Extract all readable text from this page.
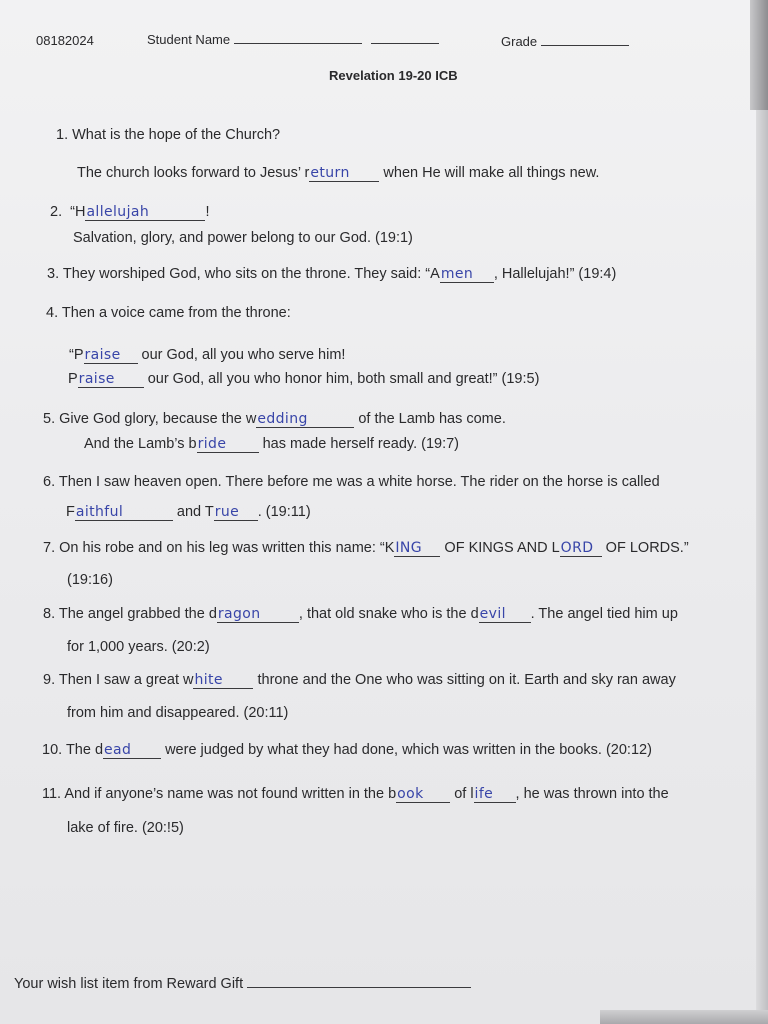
08182024	Student Name	Grade
Revelation 19-20 ICB
1. What is the hope of the Church?
The church looks forward to Jesus’ return when He will make all things new.
2. “Hallelujah	!
Salvation, glory, and power belong to our God. (19:1)
3. They worshiped God, who sits on the throne. They said: “Amen , Hallelujah!” (19:4)
4. Then a voice came from the throne:
“Praise our God, all you who serve him!
Praise our God, all you who honor him, both small and great!” (19:5)
5. Give God glory, because the wedding	of the Lamb has come.
And the Lamb’s bride has made herself ready. (19:7)
6. Then I saw heaven open. There before me was a white horse. The rider on the horse is called
Faithful	and True . (19:11)
7. On his robe and on his leg was written this name: “KING OF KINGS AND LORD OF LORDS.”
(19:16)
8. The angel grabbed the dragon	, that old snake who is the devil . The angel tied him up
for 1,000 years. (20:2)
9. Then I saw a great white throne and the One who was sitting on it. Earth and sky ran away
from him and disappeared. (20:11)
10. The dead were judged by what they had done, which was written in the books. (20:12)
11. And if anyone’s name was not found written in the book of life , he was thrown into the
lake of fire. (20:!5)
Your wish list item from Reward Gift
